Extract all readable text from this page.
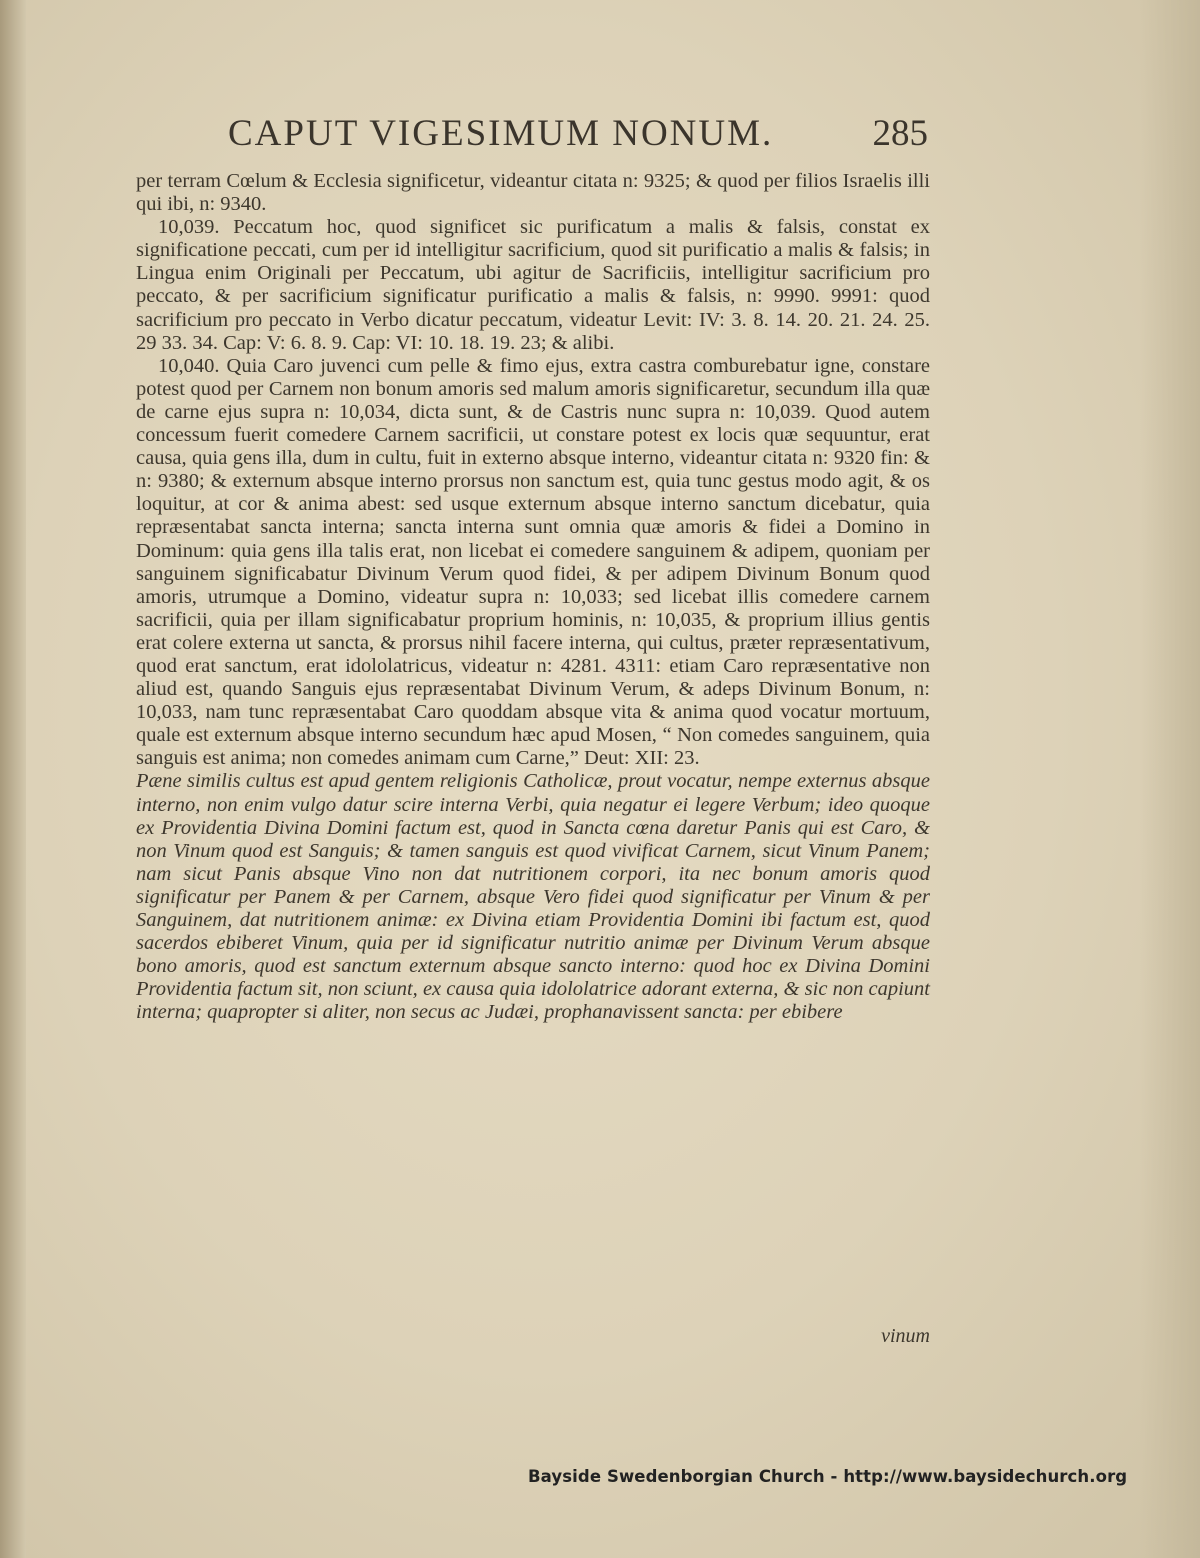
CAPUT VIGESIMUM NONUM.	285

per terram Cœlum & Ecclesia significetur, videantur citata n: 9325; & quod per filios Israelis illi qui ibi, n: 9340.

10,039. Peccatum hoc, quod significet sic purificatum a malis & falsis, constat ex significatione peccati, cum per id intelligitur sacrificium, quod sit purificatio a malis & falsis; in Lingua enim Originali per Peccatum, ubi agitur de Sacrificiis, intelligitur sacrificium pro peccato, & per sacrificium significatur purificatio a malis & falsis, n: 9990. 9991: quod sacrificium pro peccato in Verbo dicatur peccatum, videatur Levit: IV: 3. 8. 14. 20. 21. 24. 25. 29 33. 34. Cap: V: 6. 8. 9. Cap: VI: 10. 18. 19. 23; & alibi.

10,040. Quia Caro juvenci cum pelle & fimo ejus, extra castra comburebatur igne, constare potest quod per Carnem non bonum amoris sed malum amoris significaretur, secundum illa quæ de carne ejus supra n: 10,034, dicta sunt, & de Castris nunc supra n: 10,039. Quod autem concessum fuerit comedere Carnem sacrificii, ut constare potest ex locis quæ sequuntur, erat causa, quia gens illa, dum in cultu, fuit in externo absque interno, videantur citata n: 9320 fin: & n: 9380; & externum absque interno prorsus non sanctum est, quia tunc gestus modo agit, & os loquitur, at cor & anima abest: sed usque externum absque interno sanctum dicebatur, quia repræsentabat sancta interna; sancta interna sunt omnia quæ amoris & fidei a Domino in Dominum: quia gens illa talis erat, non licebat ei comedere sanguinem & adipem, quoniam per sanguinem significabatur Divinum Verum quod fidei, & per adipem Divinum Bonum quod amoris, utrumque a Domino, videatur supra n: 10,033; sed licebat illis comedere carnem sacrificii, quia per illam significabatur proprium hominis, n: 10,035, & proprium illius gentis erat colere externa ut sancta, & prorsus nihil facere interna, qui cultus, præter repræsentativum, quod erat sanctum, erat idololatricus, videatur n: 4281. 4311: etiam Caro repræsentative non aliud est, quando Sanguis ejus repræsentabat Divinum Verum, & adeps Divinum Bonum, n: 10,033, nam tunc repræsentabat Caro quoddam absque vita & anima quod vocatur mortuum, quale est externum absque interno secundum hæc apud Mosen, “ Non comedes sanguinem, quia sanguis est anima; non comedes animam cum Carne,” Deut: XII: 23.

Pæne similis cultus est apud gentem religionis Catholicæ, prout vocatur, nempe externus absque interno, non enim vulgo datur scire interna Verbi, quia negatur ei legere Verbum; ideo quoque ex Providentia Divina Domini factum est, quod in Sancta cœna daretur Panis qui est Caro, & non Vinum quod est Sanguis; & tamen sanguis est quod vivificat Carnem, sicut Vinum Panem; nam sicut Panis absque Vino non dat nutritionem corpori, ita nec bonum amoris quod significatur per Panem & per Carnem, absque Vero fidei quod significatur per Vinum & per Sanguinem, dat nutritionem animæ: ex Divina etiam Providentia Domini ibi factum est, quod sacerdos ebiberet Vinum, quia per id significatur nutritio animæ per Divinum Verum absque bono amoris, quod est sanctum externum absque sancto interno: quod hoc ex Divina Domini Providentia factum sit, non sciunt, ex causa quia idololatrice adorant externa, & sic non capiunt interna; quapropter si aliter, non secus ac Judæi, prophanavissent sancta: per ebibere

vinum
Bayside Swedenborgian Church - http://www.baysidechurch.org
